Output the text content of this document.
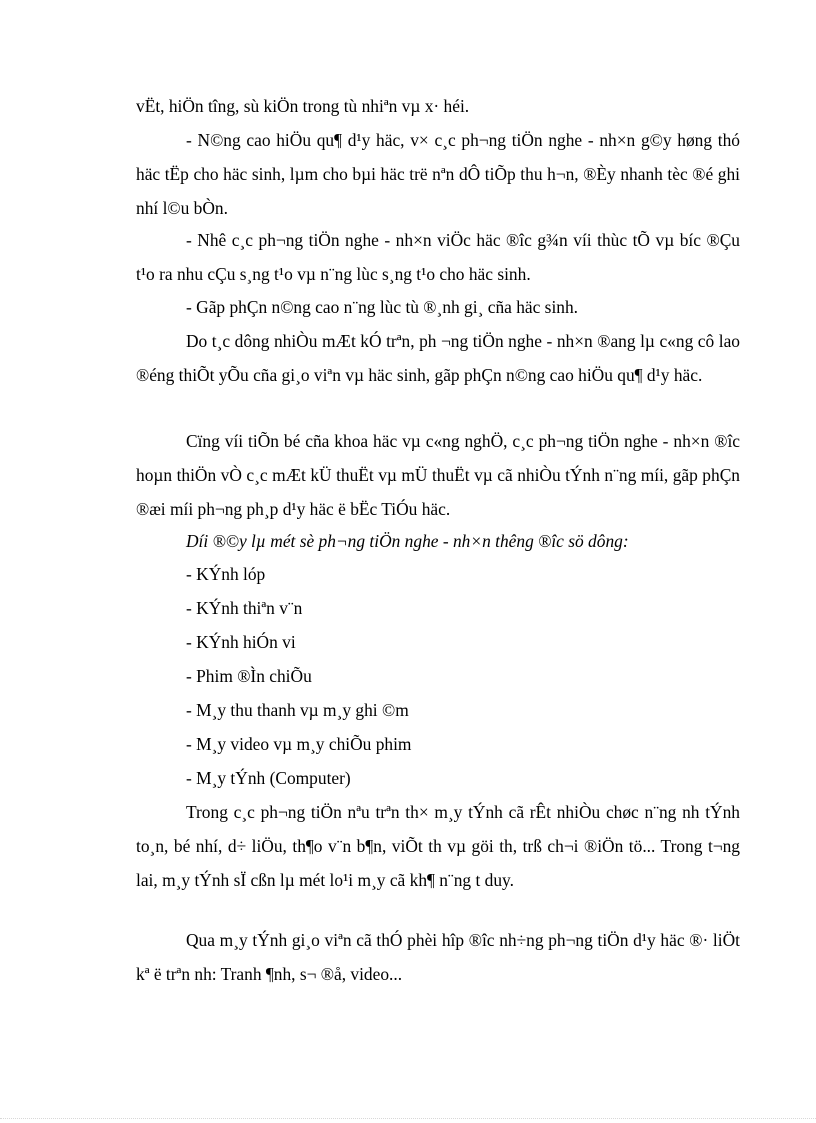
vËt, hiÖn tîng, sù kiÖn trong tù nhiªn vµ x· héi.

- N©ng cao hiÖu qu¶ d¹y häc, v× c¸c ph¬ng tiÖn nghe - nh×n g©y høng thó häc tËp cho häc sinh, lµm cho bµi häc trë nªn dÔ tiÕp thu h¬n, ®Èy nhanh tèc ®é ghi nhí l©u bÒn.

- Nhê c¸c ph¬ng tiÖn nghe - nh×n viÖc häc ®îc g¾n víi thùc tÕ vµ bíc ®Çu t¹o ra nhu cÇu s¸ng t¹o vµ n¨ng lùc s¸ng t¹o cho häc sinh.

- Gãp phÇn n©ng cao n¨ng lùc tù ®¸nh gi¸ cña häc sinh.

Do t¸c dông nhiÒu mÆt kÓ trªn, ph ¬ng tiÖn nghe - nh×n ®ang lµ c«ng cô lao ®éng thiÕt yÕu cña gi¸o viªn vµ häc sinh, gãp phÇn n©ng cao hiÖu qu¶ d¹y häc.

Cïng víi tiÕn bé cña khoa häc vµ c«ng nghÖ, c¸c ph¬ng tiÖn nghe - nh×n ®îc hoµn thiÖn vÒ c¸c mÆt kÜ thuËt vµ mÜ thuËt vµ cã nhiÒu tÝnh n¨ng míi, gãp phÇn ®æi míi ph¬ng ph¸p d¹y häc ë bËc TiÓu häc.

Díi ®©y lµ mét sè ph¬ng tiÖn nghe - nh×n thêng ®îc sö dông:

- KÝnh lóp

- KÝnh thiªn v¨n

- KÝnh hiÓn vi

- Phim ®Ìn chiÕu

- M¸y thu thanh vµ m¸y ghi ©m

- M¸y video vµ m¸y chiÕu phim

- M¸y tÝnh (Computer)

Trong c¸c ph¬ng tiÖn nªu trªn th× m¸y tÝnh cã rÊt nhiÒu chøc n¨ng nh tÝnh to¸n, bé nhí, d÷ liÖu, th¶o v¨n b¶n, viÕt th vµ göi th, trß ch¬i ®iÖn tö... Trong t¬ng lai, m¸y tÝnh sÏ cßn lµ mét lo¹i m¸y cã kh¶ n¨ng t duy.

Qua m¸y tÝnh gi¸o viªn cã thÓ phèi hîp ®îc nh÷ng ph¬ng tiÖn d¹y häc ®· liÖt kª ë trªn nh: Tranh ¶nh, s¬ ®å, video...
